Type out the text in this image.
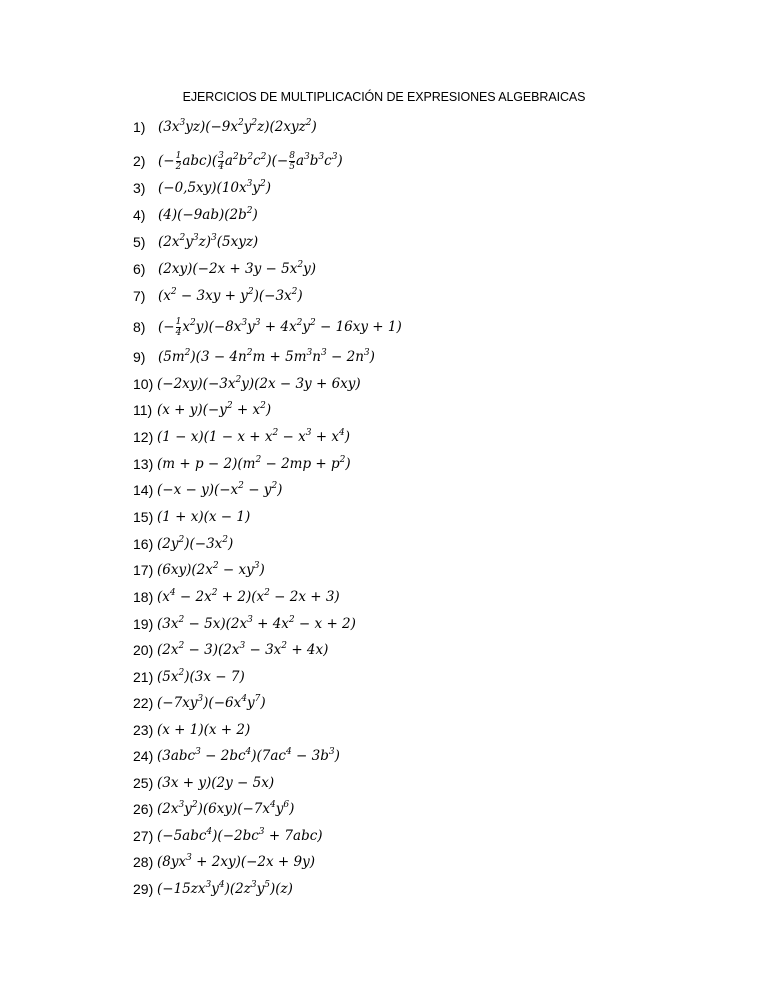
EJERCICIOS DE MULTIPLICACIÓN DE EXPRESIONES ALGEBRAICAS
1) $(3x^3yz)(-9x^2y^2z)(2xyz^2)$
2) (− $\frac{1}{2} abc)( \frac{3}{4} a^2b^2c^2)(- \frac{8}{5} a^3b^3c^3)$
3) $(-0,5xy)(10x^3y^2)$
4) $(4)(-9ab)(2b^2)$
5) $(2x^2y^3z)^3(5xyz)$
6) $(2xy)(-2x + 3y - 5x^2y)$
7) $(x^2 - 3xy + y^2)(-3x^2)$
8) (− $\frac{1}{4} x^2y)(-8x^3y^3 + 4x^2y^2 - 16xy + 1)$
9) $(5m^2)(3 - 4n^2m + 5m^3n^3 - 2n^3)$
10) $(-2xy)(-3x^2y)(2x - 3y + 6xy)$
11) $(x + y)(-y^2 + x^2)$
12) $(1 - x)(1 - x + x^2 - x^3 + x^4)$
13) $(m + p - 2)(m^2 - 2mp + p^2)$
14) $(-x - y)(-x^2 - y^2)$
15) (1 + x)(x − 1)
16) $(2y^2)(-3x^2)$
17) $(6xy)(2x^2 - xy^3)$
18) $(x^4 - 2x^2 + 2)(x^2 - 2x + 3)$
19) $(3x^2 - 5x)(2x^3 + 4x^2 - x + 2)$
20) $(2x^2 - 3)(2x^3 - 3x^2 + 4x)$
21) $(5x^2)(3x - 7)$
22) $(-7xy^3)(-6x^4y^7)$
23) (x + 1)(x + 2)
24) $(3abc^3 - 2bc^4)(7ac^4 - 3b^3)$
25) (3x + y)(2y − 5x)
26) $(2x^3y^2)(6xy)(-7x^4y^6)$
27) $(-5abc^4)(-2bc^3 + 7abc)$
28) $(8yx^3 + 2xy)(-2x + 9y)$
29) $(-15zx^3y^4)(2z^3y^5)(z)$
